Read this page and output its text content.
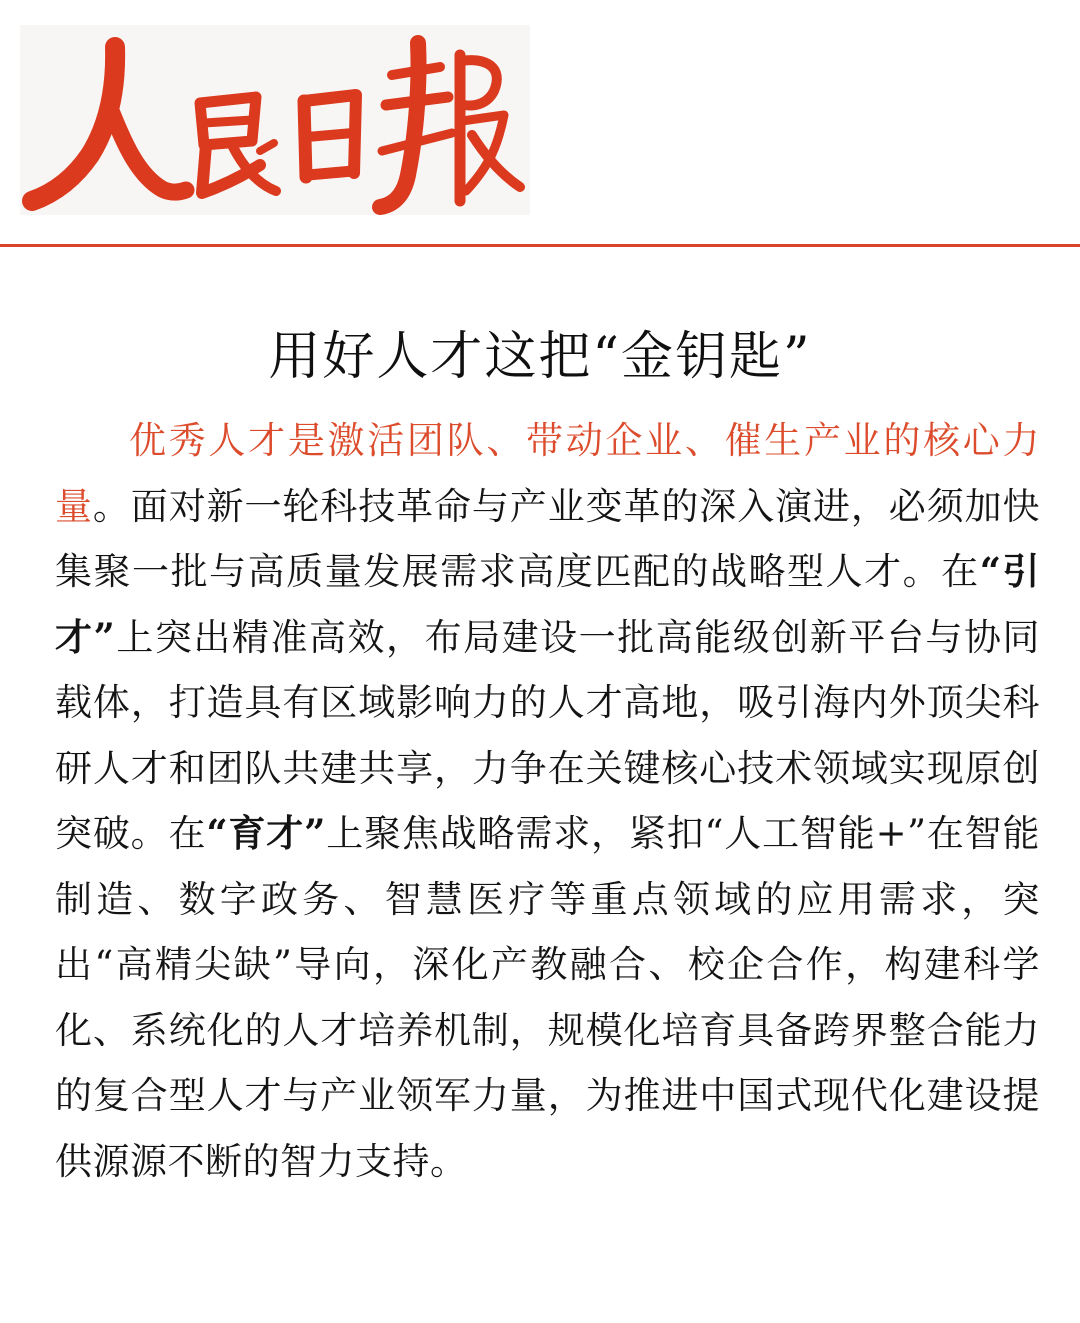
用好人才这把“金钥匙”

优秀人才是激活团队、带动企业、催生产业的核心力量。面对新一轮科技革命与产业变革的深入演进，必须加快集聚一批与高质量发展需求高度匹配的战略型人才。在“引才”上突出精准高效，布局建设一批高能级创新平台与协同载体，打造具有区域影响力的人才高地，吸引海内外顶尖科研人才和团队共建共享，力争在关键核心技术领域实现原创突破。在“育才”上聚焦战略需求，紧扣“人工智能+”在智能制造、数字政务、智慧医疗等重点领域的应用需求，突出“高精尖缺”导向，深化产教融合、校企合作，构建科学化、系统化的人才培养机制，规模化培育具备跨界整合能力的复合型人才与产业领军力量，为推进中国式现代化建设提供源源不断的智力支持。
